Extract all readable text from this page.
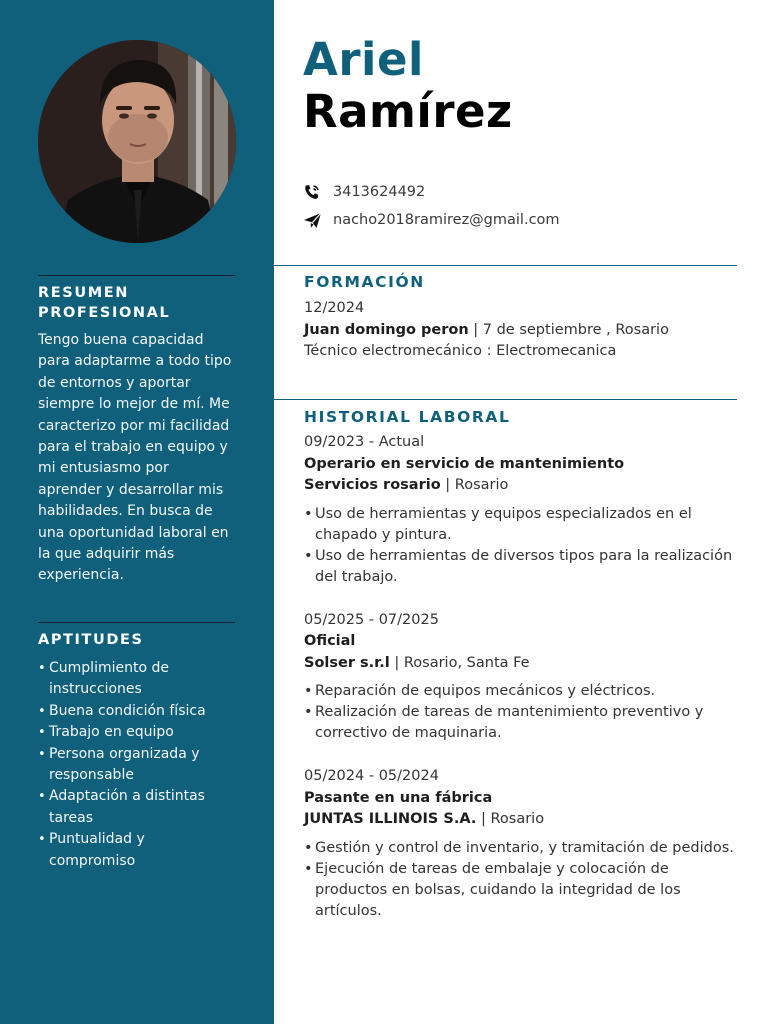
RESUMEN
PROFESIONAL

Tengo buena capacidad para adaptarme a todo tipo de entornos y aportar siempre lo mejor de mí. Me caracterizo por mi facilidad para el trabajo en equipo y mi entusiasmo por aprender y desarrollar mis habilidades. En busca de una oportunidad laboral en la que adquirir más experiencia.

APTITUDES
• Cumplimiento de instrucciones
• Buena condición física
• Trabajo en equipo
• Persona organizada y responsable
• Adaptación a distintas tareas
• Puntualidad y compromiso
Ariel
Ramírez
3413624492
nacho2018ramirez@gmail.com
FORMACIÓN
12/2024
Juan domingo peron | 7 de septiembre , Rosario
Técnico electromecánico : Electromecanica
HISTORIAL LABORAL
09/2023 - Actual
Operario en servicio de mantenimiento
Servicios rosario | Rosario
• Uso de herramientas y equipos especializados en el chapado y pintura.
• Uso de herramientas de diversos tipos para la realización del trabajo.
05/2025 - 07/2025
Oficial
Solser s.r.l | Rosario, Santa Fe
• Reparación de equipos mecánicos y eléctricos.
• Realización de tareas de mantenimiento preventivo y correctivo de maquinaria.
05/2024 - 05/2024
Pasante en una fábrica
JUNTAS ILLINOIS S.A. | Rosario
• Gestión y control de inventario, y tramitación de pedidos.
• Ejecución de tareas de embalaje y colocación de productos en bolsas, cuidando la integridad de los artículos.
